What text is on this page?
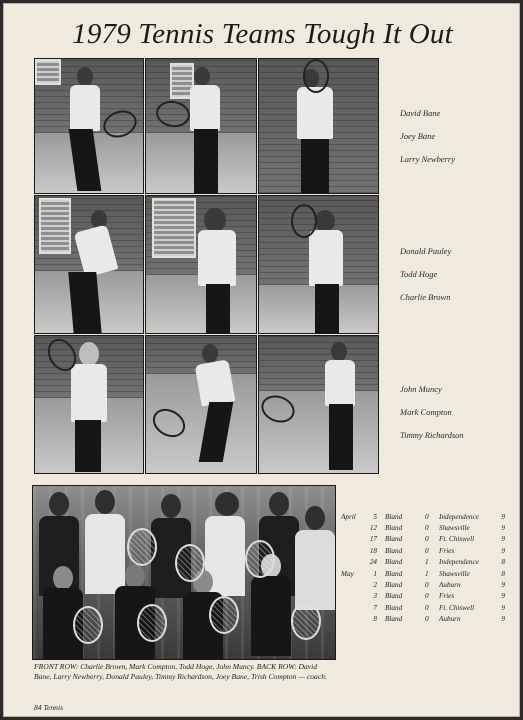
1979 Tennis Teams Tough It Out
David Bane
Joey Bane
Larry Newberry
Donald Pauley
Todd Hoge
Charlie Brown
John Muncy
Mark Compton
Timmy Richardson
FRONT ROW: Charlie Brown, Mark Compton, Todd Hoge, John Muncy. BACK ROW: David Bane, Larry Newberry, Donald Pauley, Timmy Richardson, Joey Bane, Trish Compton — coach.
84 Tennis
April	5	Bland	0	Independence	9
	12	Bland	0	Shawsville	9
	17	Bland	0	Ft. Chiswell	9
	18	Bland	0	Fries	9
	24	Bland	1	Independence	8
May	1	Bland	1	Shawsville	8
	2	Bland	0	Auburn	9
	3	Bland	0	Fries	9
	7	Bland	0	Ft. Chiswell	9
	8	Bland	0	Auburn	9
